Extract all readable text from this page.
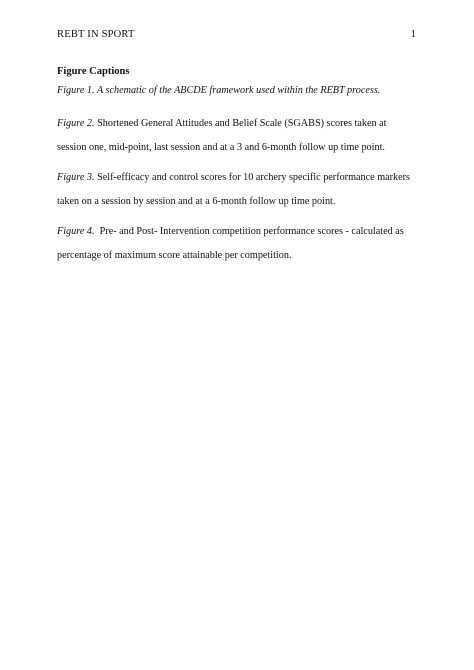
REBT IN SPORT	1
Figure Captions

Figure 1. A schematic of the ABCDE framework used within the REBT process.

Figure 2. Shortened General Attitudes and Belief Scale (SGABS) scores taken at session one, mid-point, last session and at a 3 and 6-month follow up time point.

Figure 3. Self-efficacy and control scores for 10 archery specific performance markers taken on a session by session and at a 6-month follow up time point.

Figure 4. Pre- and Post- Intervention competition performance scores - calculated as percentage of maximum score attainable per competition.
